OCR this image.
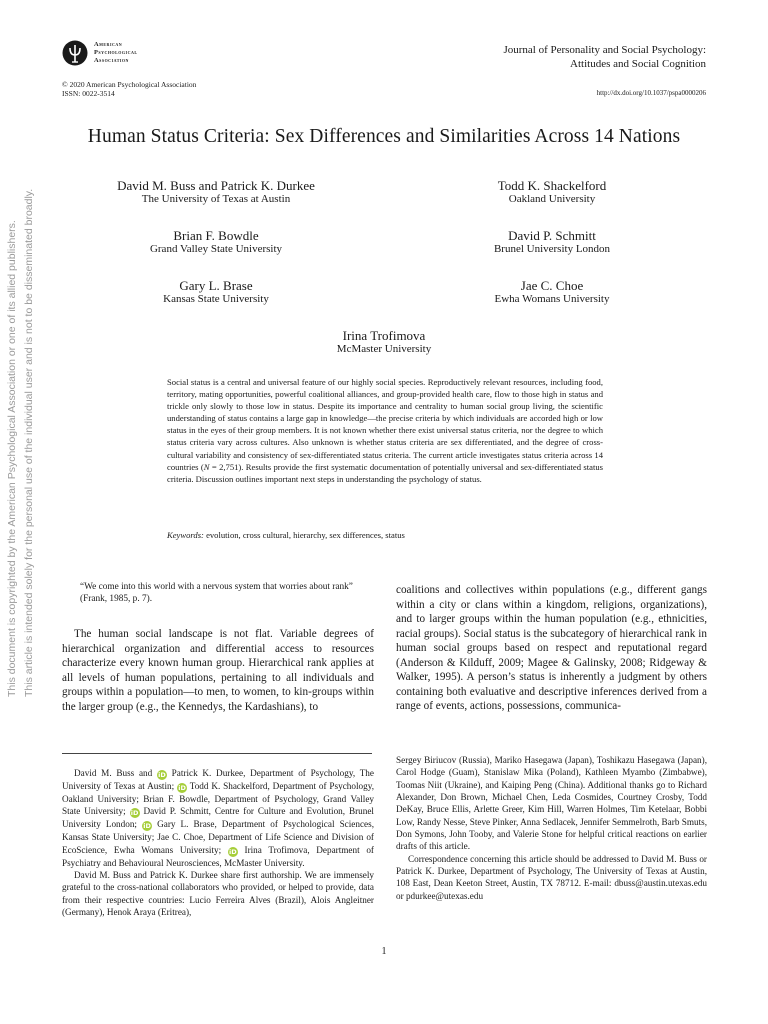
American
Psychological
Association
Journal of Personality and Social Psychology:
Attitudes and Social Cognition
© 2020 American Psychological Association
ISSN: 0022-3514	http://dx.doi.org/10.1037/pspa0000206
Human Status Criteria: Sex Differences and Similarities Across 14 Nations
David M. Buss and Patrick K. Durkee
The University of Texas at Austin
Todd K. Shackelford
Oakland University
Brian F. Bowdle
Grand Valley State University
David P. Schmitt
Brunel University London
Gary L. Brase
Kansas State University
Jae C. Choe
Ewha Womans University
Irina Trofimova
McMaster University

Social status is a central and universal feature of our highly social species. Reproductively relevant resources, including food, territory, mating opportunities, powerful coalitional alliances, and group-provided health care, flow to those high in status and trickle only slowly to those low in status. Despite its importance and centrality to human social group living, the scientific understanding of status contains a large gap in knowledge—the precise criteria by which individuals are accorded high or low status in the eyes of their group members. It is not known whether there exist universal status criteria, nor the degree to which status criteria vary across cultures. Also unknown is whether status criteria are sex differentiated, and the degree of cross-cultural variability and consistency of sex-differentiated status criteria. The current article investigates status criteria across 14 countries (N = 2,751). Results provide the first systematic documentation of potentially universal and sex-differentiated status criteria. Discussion outlines important next steps in understanding the psychology of status.

Keywords: evolution, cross cultural, hierarchy, sex differences, status

“We come into this world with a nervous system that worries about rank” (Frank, 1985, p. 7).

The human social landscape is not flat. Variable degrees of hierarchical organization and differential access to resources characterize every known human group. Hierarchical rank applies at all levels of human populations, pertaining to all individuals and groups within a population—to men, to women, to kin-groups within the larger group (e.g., the Kennedys, the Kardashians), to

coalitions and collectives within populations (e.g., different gangs within a city or clans within a kingdom, religions, organizations), and to larger groups within the human population (e.g., ethnicities, racial groups). Social status is the subcategory of hierarchical rank in human social groups based on respect and reputational regard (Anderson & Kilduff, 2009; Magee & Galinsky, 2008; Ridgeway & Walker, 1995). A person’s status is inherently a judgment by others containing both evaluative and descriptive inferences derived from a range of events, actions, possessions, communica-

David M. Buss and iD Patrick K. Durkee, Department of Psychology, The University of Texas at Austin; iD Todd K. Shackelford, Department of Psychology, Oakland University; Brian F. Bowdle, Department of Psychology, Grand Valley State University; iD David P. Schmitt, Centre for Culture and Evolution, Brunel University London; iD Gary L. Brase, Department of Psychological Sciences, Kansas State University; Jae C. Choe, Department of Life Science and Division of EcoScience, Ewha Womans University; iD Irina Trofimova, Department of Psychiatry and Behavioural Neurosciences, McMaster University.

David M. Buss and Patrick K. Durkee share first authorship. We are immensely grateful to the cross-national collaborators who provided, or helped to provide, data from their respective countries: Lucio Ferreira Alves (Brazil), Alois Angleitner (Germany), Henok Araya (Eritrea),

Sergey Biriucov (Russia), Mariko Hasegawa (Japan), Toshikazu Hasegawa (Japan), Carol Hodge (Guam), Stanislaw Mika (Poland), Kathleen Myambo (Zimbabwe), Toomas Niit (Ukraine), and Kaiping Peng (China). Additional thanks go to Richard Alexander, Don Brown, Michael Chen, Leda Cosmides, Courtney Crosby, Todd DeKay, Bruce Ellis, Arlette Greer, Kim Hill, Warren Holmes, Tim Ketelaar, Bobbi Low, Randy Nesse, Steve Pinker, Anna Sedlacek, Jennifer Semmelroth, Barb Smuts, Don Symons, John Tooby, and Valerie Stone for helpful critical reactions on earlier drafts of this article.

Correspondence concerning this article should be addressed to David M. Buss or Patrick K. Durkee, Department of Psychology, The University of Texas at Austin, 108 East, Dean Keeton Street, Austin, TX 78712. E-mail: dbuss@austin.utexas.edu or pdurkee@utexas.edu

1
This document is copyrighted by the American Psychological Association or one of its allied publishers. This article is intended solely for the personal use of the individual user and is not to be disseminated broadly.
